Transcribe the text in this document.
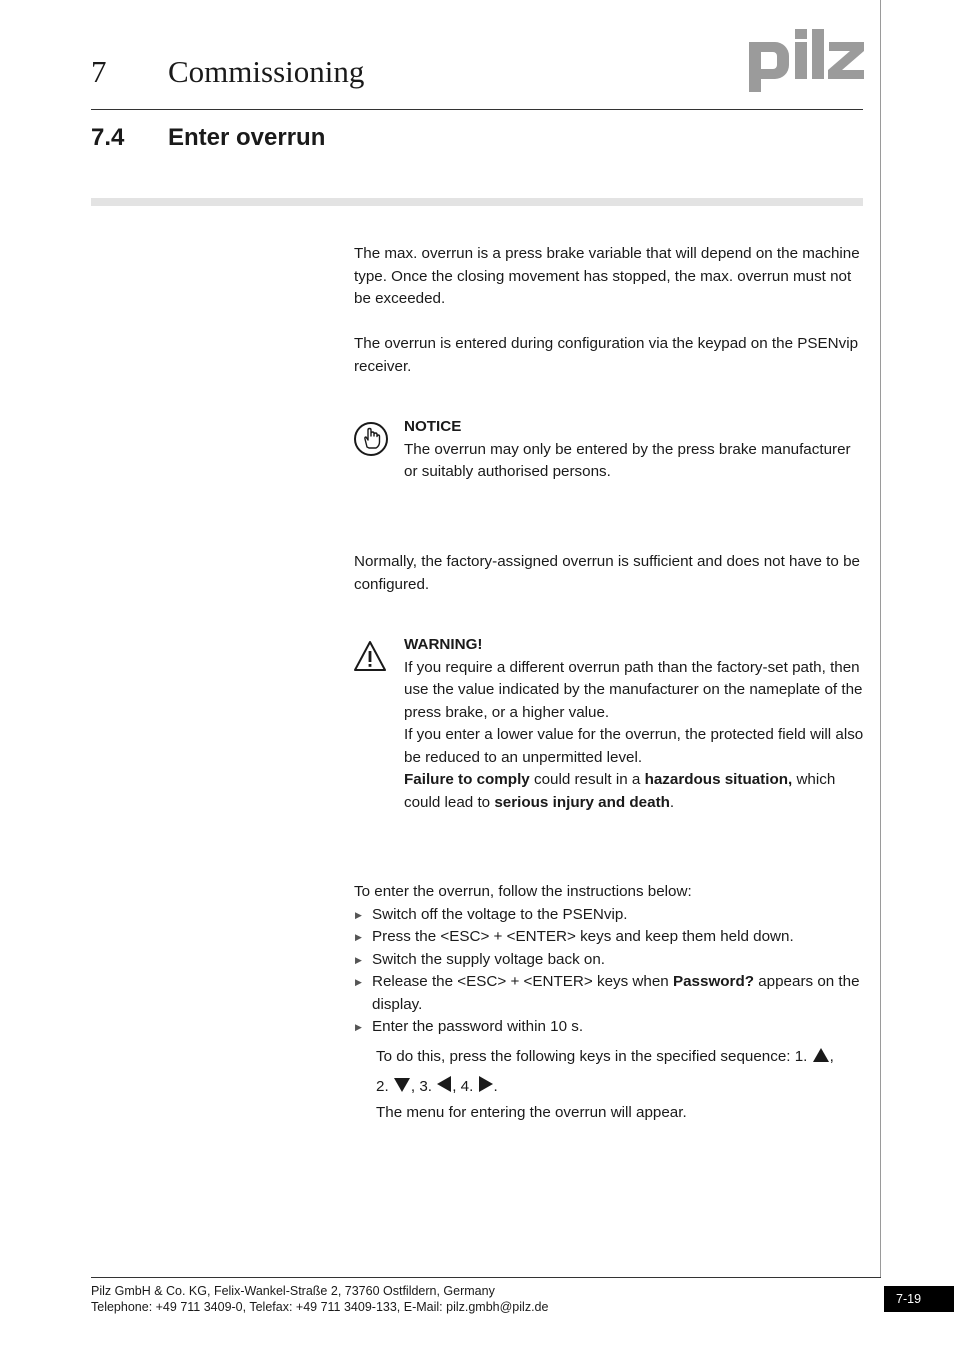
7 Commissioning
7.4 Enter overrun

The max. overrun is a press brake variable that will depend on the machine type. Once the closing movement has stopped, the max. overrun must not be exceeded.

The overrun is entered during configuration via the keypad on the PSENvip receiver.

NOTICE

The overrun may only be entered by the press brake manufacturer or suitably authorised persons.

Normally, the factory-assigned overrun is sufficient and does not have to be configured.

WARNING!

If you require a different overrun path than the factory-set path, then use the value indicated by the manufacturer on the nameplate of the press brake, or a higher value.

If you enter a lower value for the overrun, the protected field will also be reduced to an unpermitted level.

Failure to comply could result in a hazardous situation, which could lead to serious injury and death.

To enter the overrun, follow the instructions below:

▶ Switch off the voltage to the PSENvip.
▶ Press the <ESC> + <ENTER> keys and keep them held down.
▶ Switch the supply voltage back on.
▶ Release the <ESC> + <ENTER> keys when Password? appears on the display.
▶ Enter the password within 10 s.

To do this, press the following keys in the specified sequence: 1. ,
2. , 3. , 4. .

The menu for entering the overrun will appear.

Pilz GmbH & Co. KG, Felix-Wankel-Straße 2, 73760 Ostfildern, Germany

Telephone: +49 711 3409-0, Telefax: +49 711 3409-133, E-Mail: pilz.gmbh@pilz.de

7-19
